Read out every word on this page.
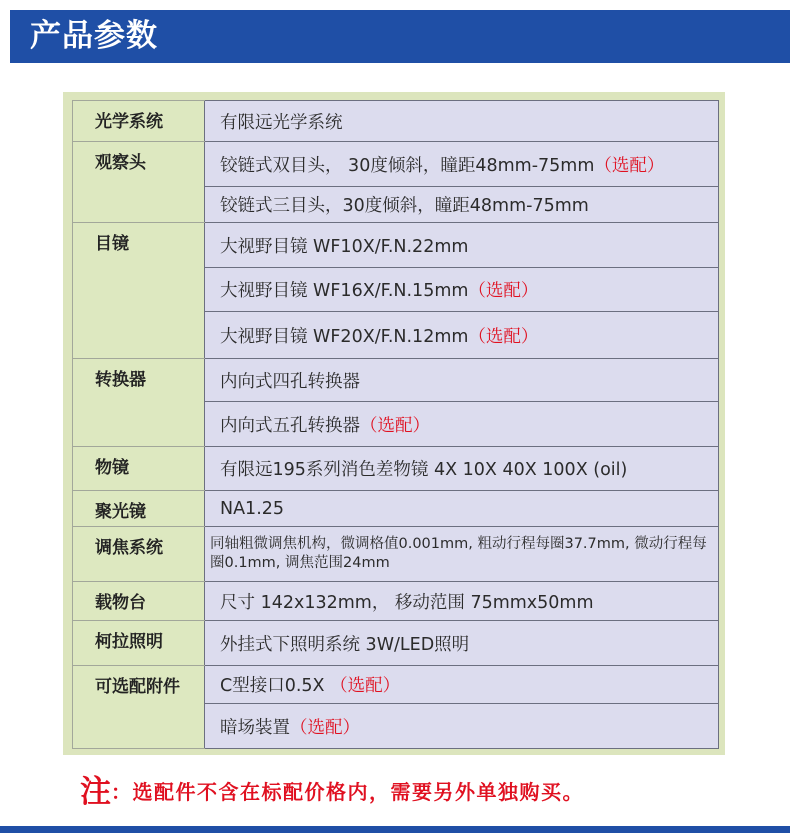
产品参数
光学系统	有限远光学系统
观察头	铰链式双目头， 30度倾斜，瞳距48mm-75mm（选配）
	铰链式三目头，30度倾斜，瞳距48mm-75mm
目镜	大视野目镜 WF10X/F.N.22mm
	大视野目镜 WF16X/F.N.15mm（选配）
	大视野目镜 WF20X/F.N.12mm（选配）
转换器	内向式四孔转换器
	内向式五孔转换器（选配）
物镜	有限远195系列消色差物镜 4X 10X 40X 100X (oil)
聚光镜	NA1.25
调焦系统	同轴粗微调焦机构，微调格值0.001mm, 粗动行程每圈37.7mm, 微动行程每圈0.1mm, 调焦范围24mm
载物台	尺寸 142x132mm， 移动范围 75mmx50mm
柯拉照明	外挂式下照明系统 3W/LED照明
可选配附件	C型接口0.5X （选配）
	暗场装置（选配）
注：选配件不含在标配价格内，需要另外单独购买。
